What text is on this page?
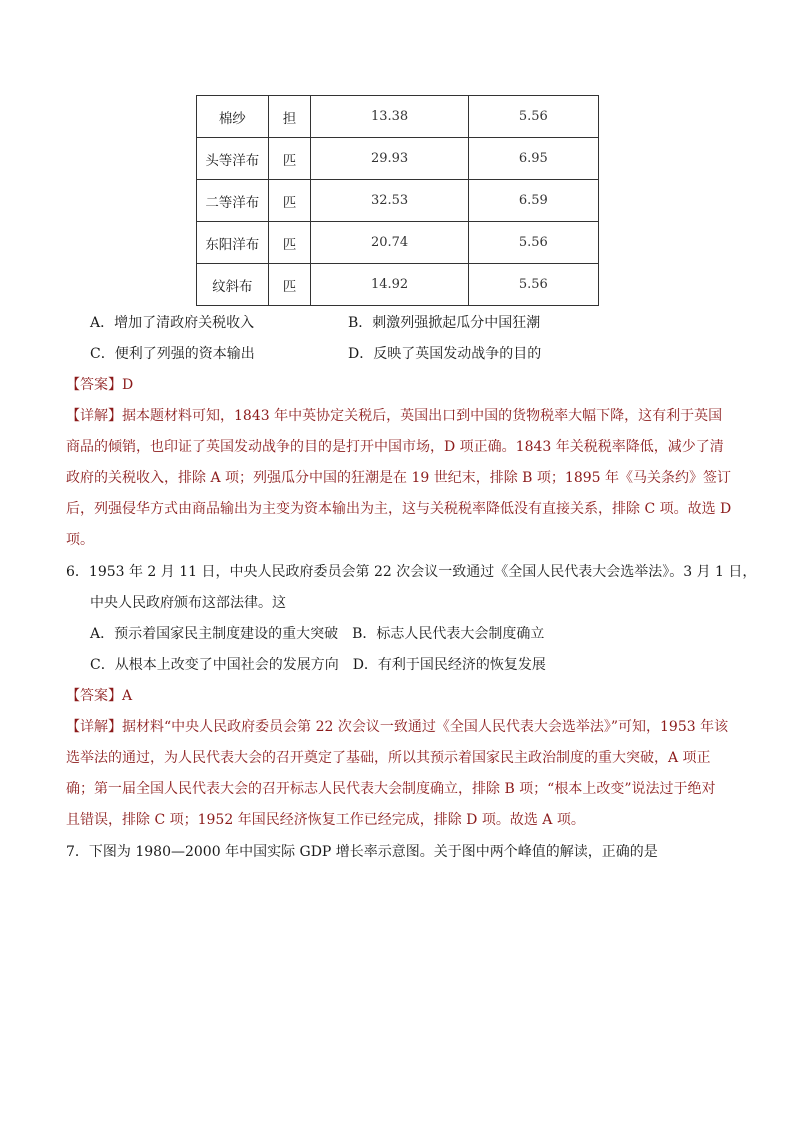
棉纱	担	13.38	5.56
头等洋布	匹	29.93	6.95
二等洋布	匹	32.53	6.59
东阳洋布	匹	20.74	5.56
纹斜布	匹	14.92	5.56
A．增加了清政府关税收入	B．刺激列强掀起瓜分中国狂潮
C．便利了列强的资本输出	D．反映了英国发动战争的目的
【答案】D
【详解】据本题材料可知，1843 年中英协定关税后，英国出口到中国的货物税率大幅下降，这有利于英国
商品的倾销，也印证了英国发动战争的目的是打开中国市场，D 项正确。1843 年关税税率降低，减少了清
政府的关税收入，排除 A 项；列强瓜分中国的狂潮是在 19 世纪末，排除 B 项；1895 年《马关条约》签订
后，列强侵华方式由商品输出为主变为资本输出为主，这与关税税率降低没有直接关系，排除 C 项。故选 D
项。
6．1953 年 2 月 11 日，中央人民政府委员会第 22 次会议一致通过《全国人民代表大会选举法》。3 月 1 日，
中央人民政府颁布这部法律。这
A．预示着国家民主制度建设的重大突破　B．标志人民代表大会制度确立
C．从根本上改变了中国社会的发展方向　D．有利于国民经济的恢复发展
【答案】A
【详解】据材料“中央人民政府委员会第 22 次会议一致通过《全国人民代表大会选举法》”可知，1953 年该
选举法的通过，为人民代表大会的召开奠定了基础，所以其预示着国家民主政治制度的重大突破，A 项正
确；第一届全国人民代表大会的召开标志人民代表大会制度确立，排除 B 项；“根本上改变”说法过于绝对
且错误，排除 C 项；1952 年国民经济恢复工作已经完成，排除 D 项。故选 A 项。
7．下图为 1980—2000 年中国实际 GDP 增长率示意图。关于图中两个峰值的解读，正确的是
